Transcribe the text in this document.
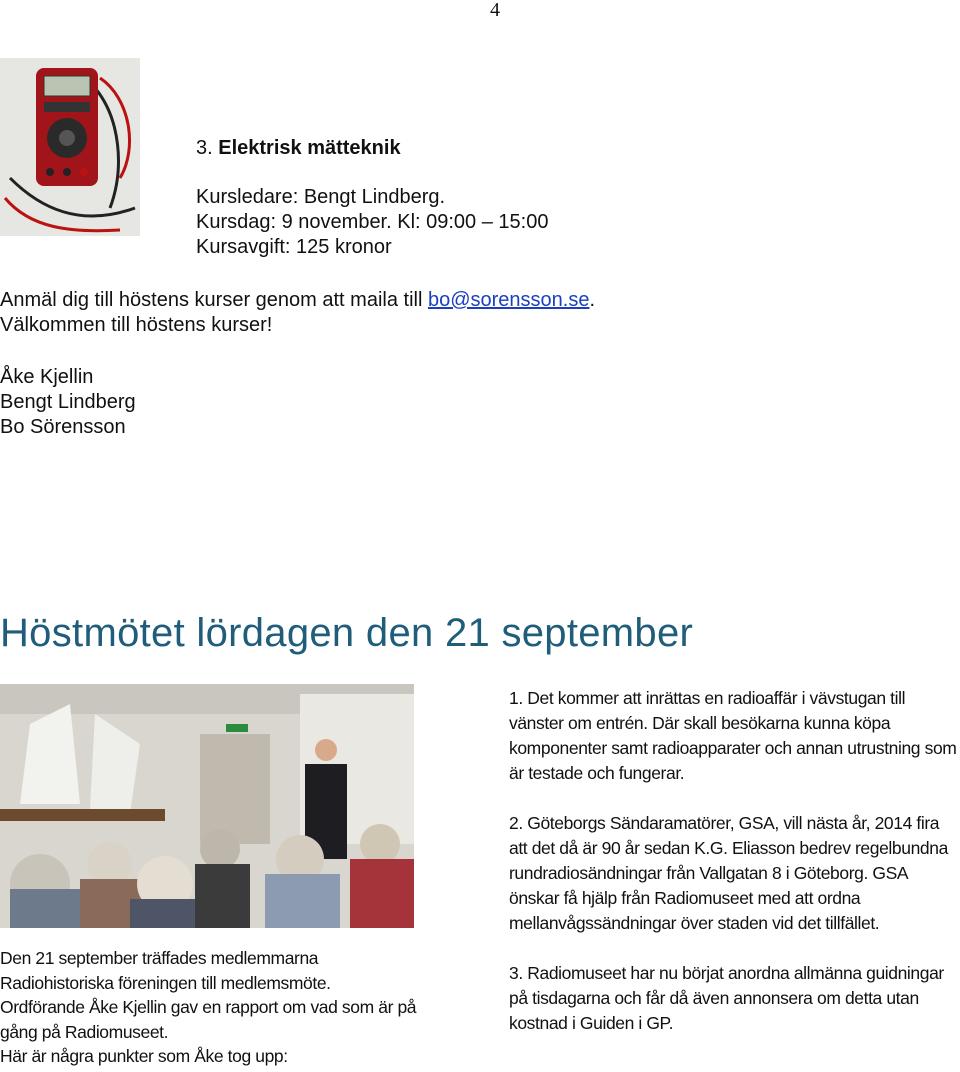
4
3. Elektrisk mätteknik
Kursledare: Bengt Lindberg.
Kursdag: 9 november. Kl: 09:00 – 15:00
Kursavgift: 125 kronor
Anmäl dig till höstens kurser genom att maila till bo@sorensson.se.
Välkommen till höstens kurser!
Åke Kjellin
Bengt Lindberg
Bo Sörensson
Höstmötet lördagen den 21 september
Den 21 september träffades medlemmarna
Radiohistoriska föreningen till medlemsmöte.
Ordförande Åke Kjellin gav en rapport om vad som är på
gång på Radiomuseet.
Här är några punkter som Åke tog upp:

1. Det kommer att inrättas en radioaffär i vävstugan till vänster om entrén. Där skall besökarna kunna köpa komponenter samt radioapparater och annan utrustning som är testade och fungerar.

2. Göteborgs Sändaramatörer, GSA, vill nästa år, 2014 fira att det då är 90 år sedan K.G. Eliasson bedrev regelbundna rundradiosändningar från Vallgatan 8 i Göteborg. GSA önskar få hjälp från Radiomuseet med att ordna mellanvågssändningar över staden vid det tillfället.

3. Radiomuseet har nu börjat anordna allmänna guidningar på tisdagarna och får då även annonsera om detta utan kostnad i Guiden i GP.
